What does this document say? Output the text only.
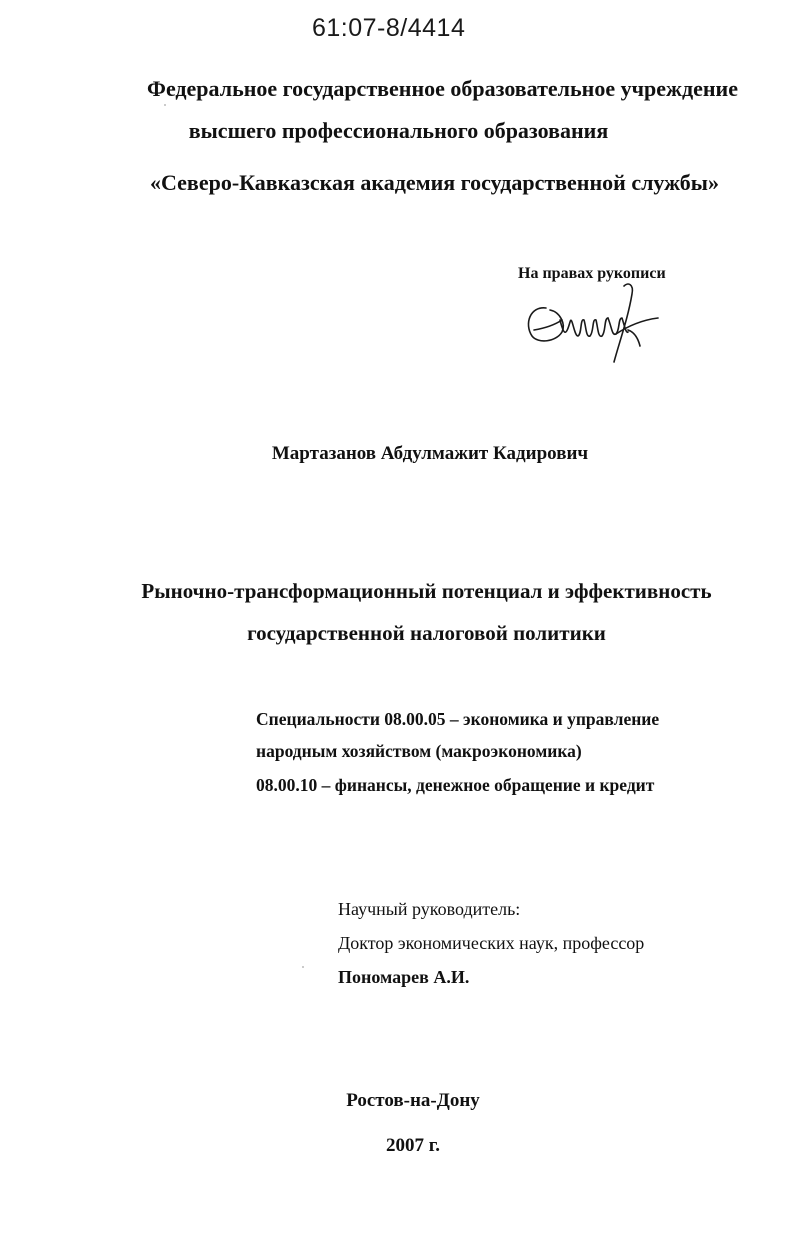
61:07-8/4414
Федеральное государственное образовательное учреждение
высшего профессионального образования
«Северо-Кавказская академия государственной службы»
На правах рукописи
Мартазанов Абдулмажит Кадирович
Рыночно-трансформационный потенциал и эффективность
государственной налоговой политики
Специальности 08.00.05 – экономика и управление
народным хозяйством (макроэкономика)
08.00.10 – финансы, денежное обращение и кредит
Научный руководитель:
Доктор экономических наук, профессор
Пономарев А.И.
Ростов-на-Дону
2007 г.
